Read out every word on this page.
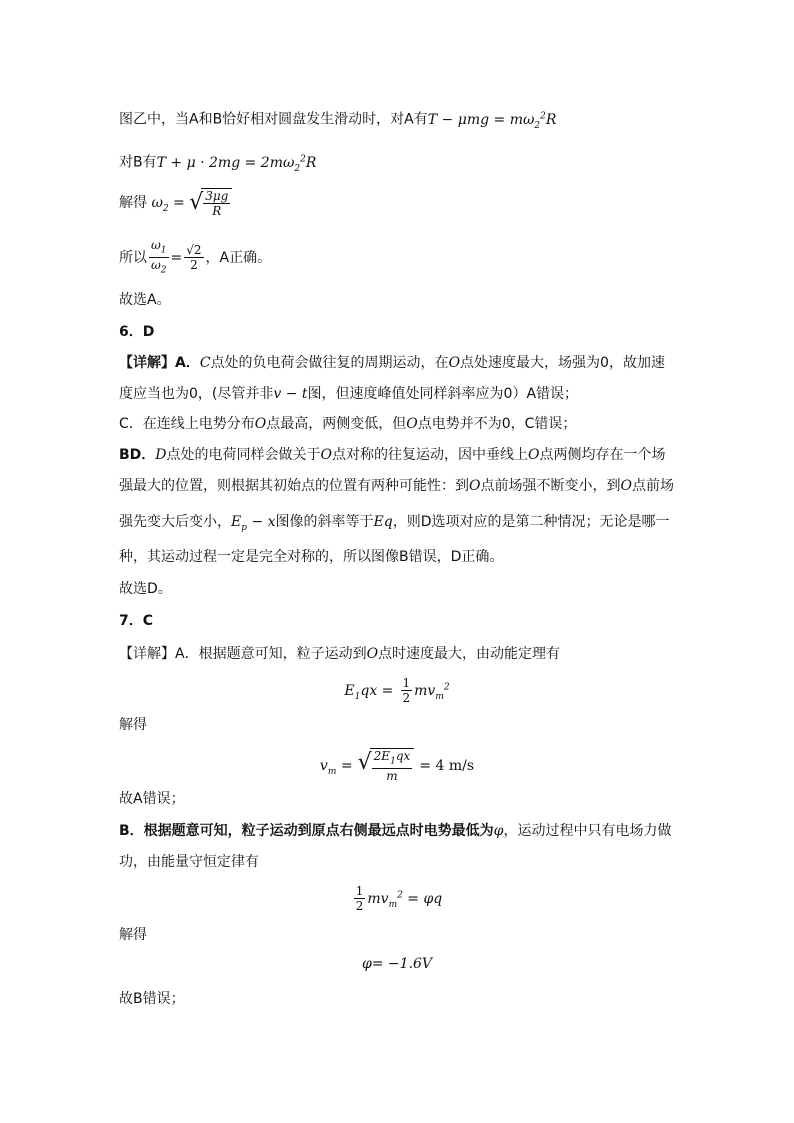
图乙中，当A和B恰好相对圆盘发生滑动时，对A有$T - \mu mg = m\omega_2^2R$
对B有$T + \mu \cdot 2mg = 2m\omega_2^2R$
解得 $\omega_2$ = √ $\frac{3\mu g}{R}$
所以 $\frac{\omega_1}{\omega_2} = \frac{√2}{2}$ ，A正确。
故选A。
6．D
【详解】A．C点处的负电荷会做往复的周期运动，在O点处速度最大，场强为0，故加速
度应当也为0，(尽管并非v − t图，但速度峰值处同样斜率应为0）A错误；
C．在连线上电势分布O点最高，两侧变低，但O点电势并不为0，C错误；
BD．D点处的电荷同样会做关于O点对称的往复运动，因中垂线上O点两侧均存在一个场
强最大的位置，则根据其初始点的位置有两种可能性：到O点前场强不断变小，到O点前场
强先变大后变小，$E_p - x$图像的斜率等于Eq，则D选项对应的是第二种情况；无论是哪一
种，其运动过程一定是完全对称的，所以图像B错误，D正确。
故选D。
7．C
【详解】A．根据题意可知，粒子运动到O点时速度最大，由动能定理有
$E_1qx = \frac{1}{2} mv_m^2$
解得
$v_m$ = √ $\frac{2E_1qx}{m} = 4$ m/s
故A错误；
B．根据题意可知，粒子运动到原点右侧最远点时电势最低为φ，运动过程中只有电场力做
功，由能量守恒定律有
$\frac{1}{2} mv_m^2 = \varphi q$
解得
φ= −1.6V
故B错误；
